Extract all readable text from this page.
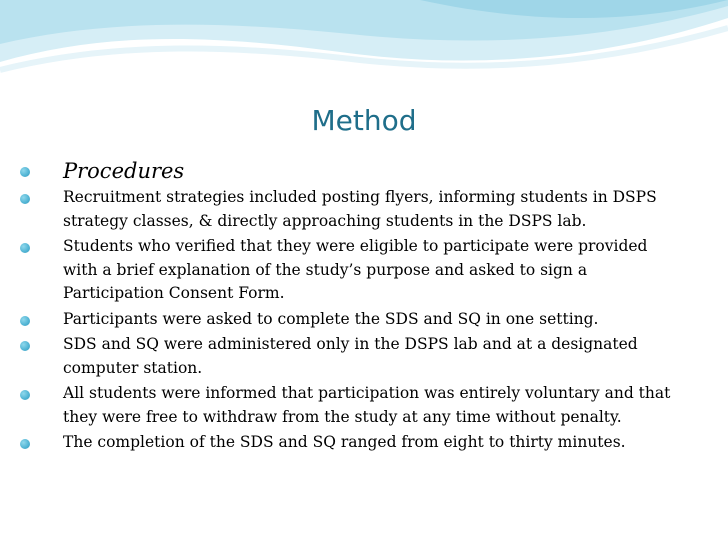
Method
Procedures
Recruitment strategies included posting flyers, informing students in DSPS strategy classes, & directly approaching students in the DSPS lab.
Students who verified that they were eligible to participate were provided with a brief explanation of the study’s purpose and asked to sign a Participation Consent Form.
Participants were asked to complete the SDS and SQ in one setting.
SDS and SQ were administered only in the DSPS lab and at a designated computer station.
All students were informed that participation was entirely voluntary and that they were free to withdraw from the study at any time without penalty.
The completion of the SDS and SQ ranged from eight to thirty minutes.
